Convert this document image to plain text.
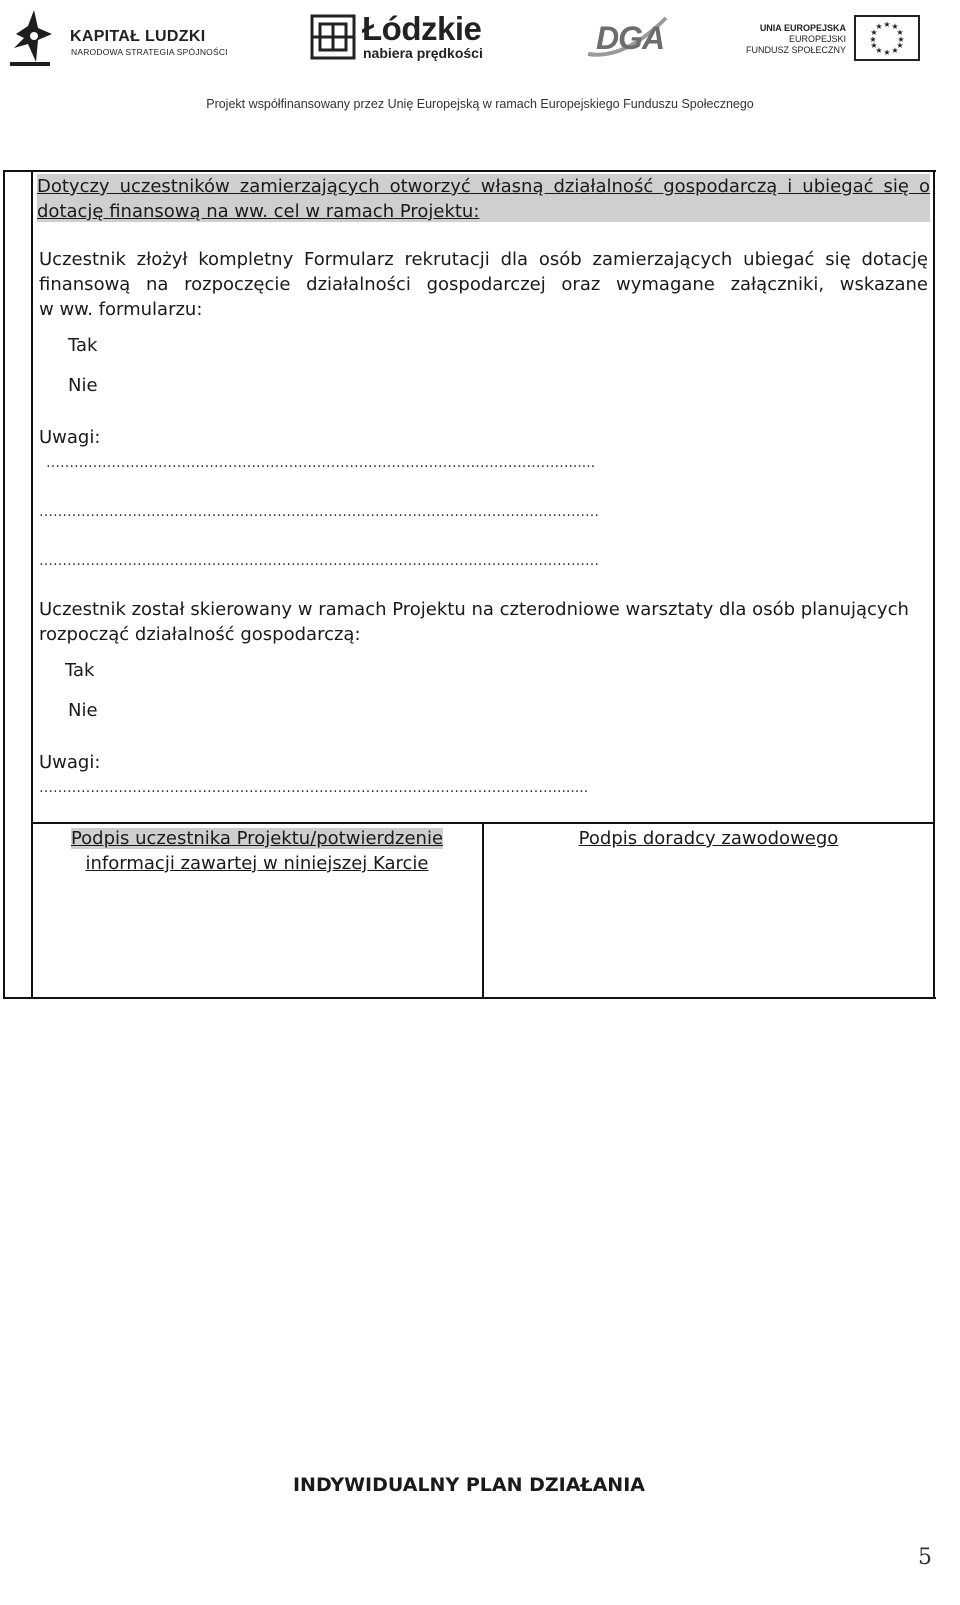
KAPITAŁ LUDZKI
NARODOWA STRATEGIA SPÓJNOŚCI
Łódzkie
nabiera prędkości	DGA	UNIA EUROPEJSKA
EUROPEJSKI
FUNDUSZ SPOŁECZNY
★ ★
★
★
★
★
★
★
★
★
★
★
Projekt współfinansowany przez Unię Europejską w ramach Europejskiego Funduszu Społecznego
Dotyczy uczestników zamierzających otworzyć własną działalność gospodarczą i ubiegać się o
dotację finansową na ww. cel w ramach Projektu:
Uczestnik złożył kompletny Formularz rekrutacji dla osób zamierzających ubiegać się dotację
finansową na rozpoczęcie działalności gospodarczej oraz wymagane załączniki, wskazane
w ww. formularzu:
Tak
Nie
Uwagi:
……………………………………………………………………………….…………………......
…………………………………………………………………………………………………………
…………………………………………………………………………………………………………
Uczestnik został skierowany w ramach Projektu na czterodniowe warsztaty dla osób planujących
rozpocząć działalność gospodarczą:
Tak
Nie
Uwagi:
………………………………………………………………………………………………….......
Podpis uczestnika Projektu/potwierdzenie
informacji zawartej w niniejszej Karcie
Podpis doradcy zawodowego
INDYWIDUALNY PLAN DZIAŁANIA
5
